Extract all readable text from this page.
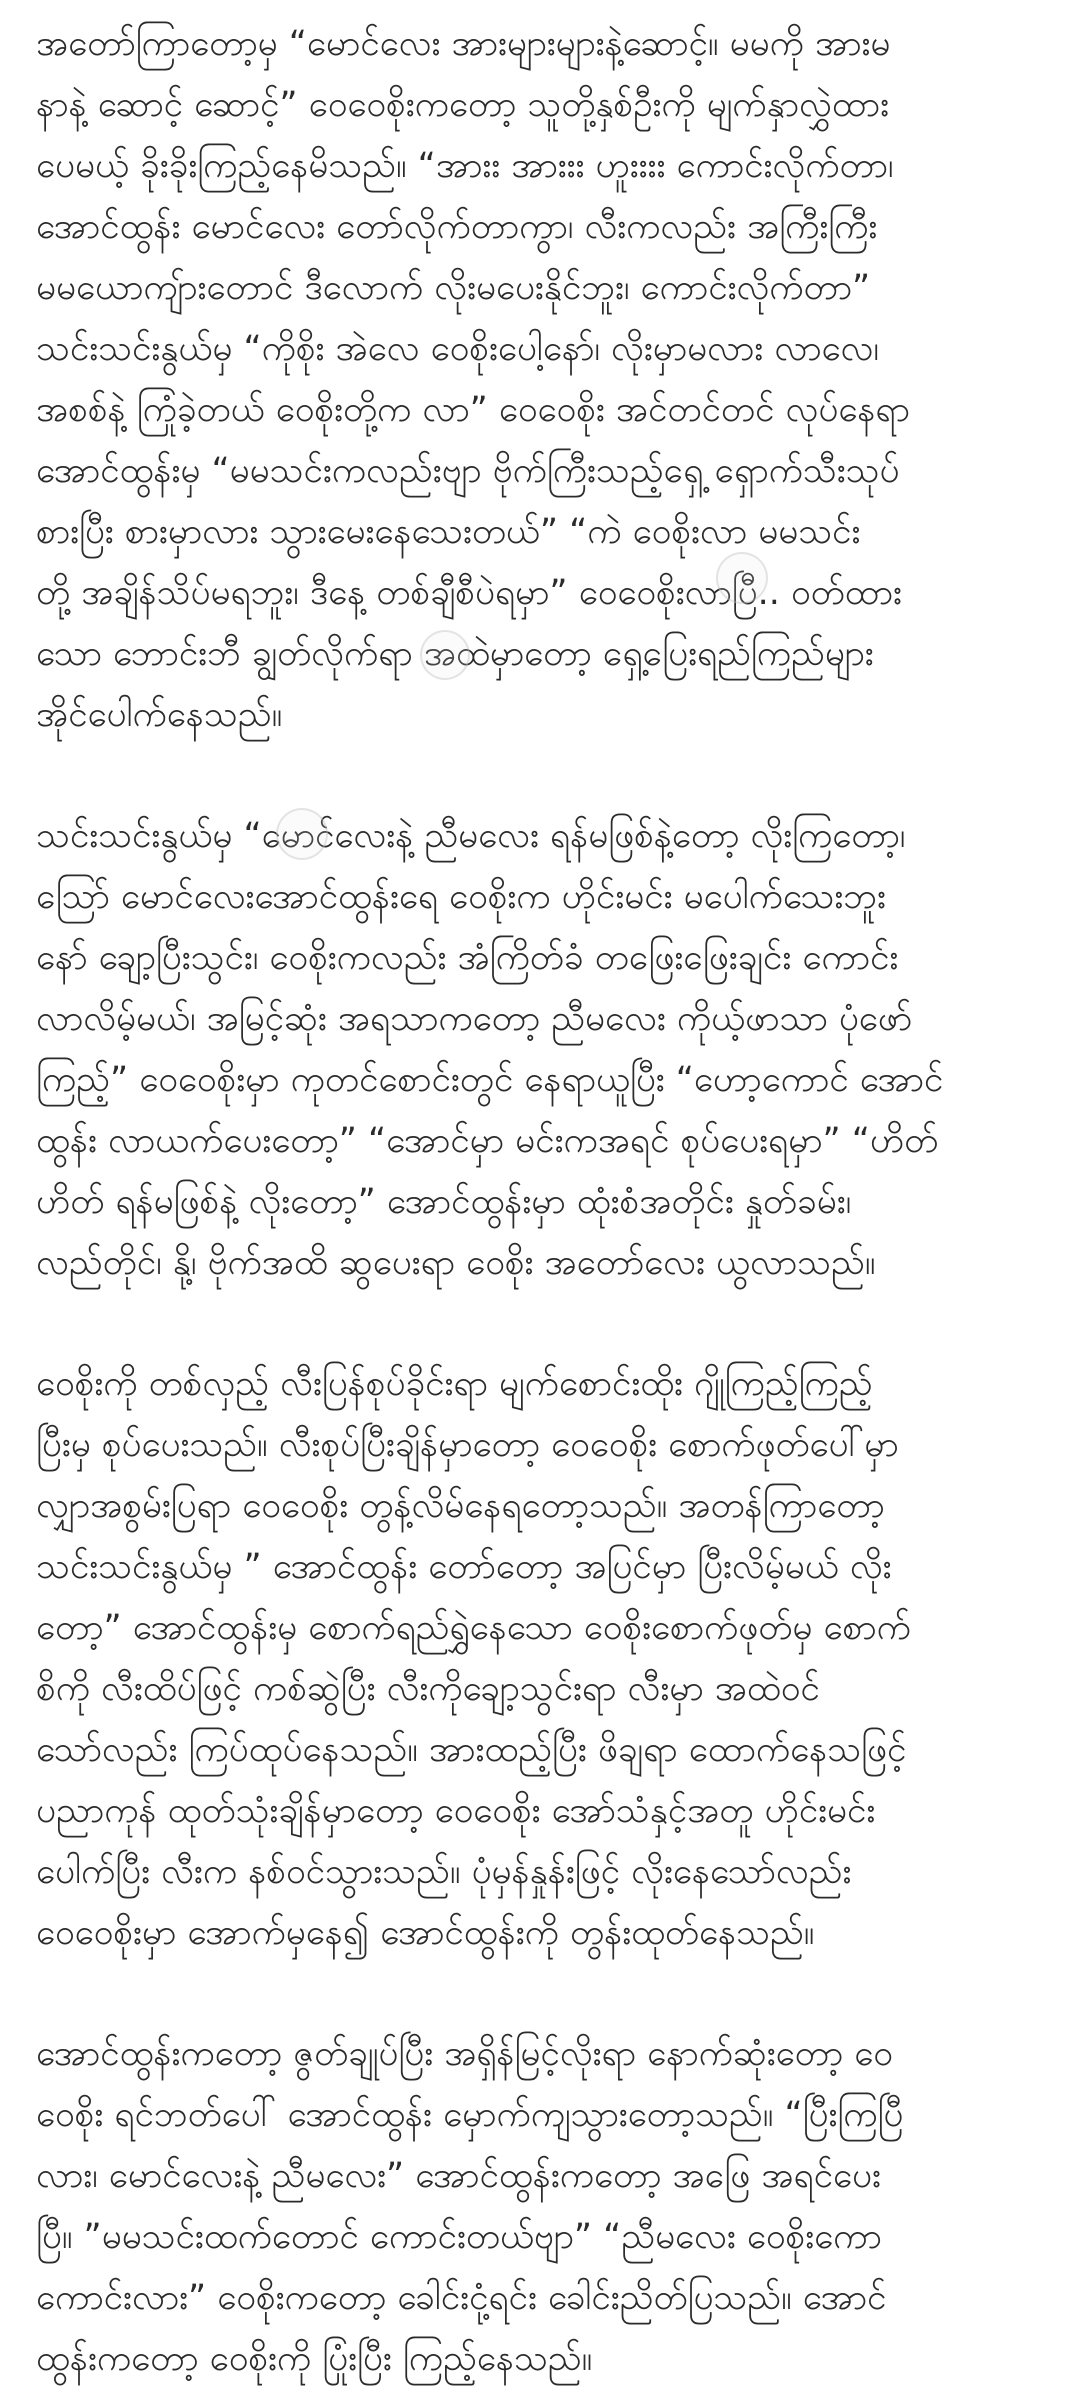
အတော်ကြာတော့မှ “မောင်လေး အားများများနဲ့ဆောင့်။ မမကို အားမ
နာနဲ့ ဆောင့် ဆောင့်” ဝေဝေစိုးကတော့ သူတို့နှစ်ဦးကို မျက်နှာလွှဲထား
ပေမယ့် ခိုးခိုးကြည့်နေမိသည်။ “အားး အားးး ဟူးးးး ကောင်းလိုက်တာ၊
အောင်ထွန်း မောင်လေး တော်လိုက်တာကွာ၊ လီးကလည်း အကြီးကြီး
မမယောကျ်ားတောင် ဒီလောက် လိုးမပေးနိုင်ဘူး၊ ကောင်းလိုက်တာ”
သင်းသင်းနွယ်မှ “ကိုစိုး အဲလေ ဝေစိုးပေါ့နော်၊ လိုးမှာမလား လာလေ၊
အစစ်နဲ့ ကြုံခဲ့တယ် ဝေစိုးတို့က လာ” ဝေဝေစိုး အင်တင်တင် လုပ်နေရာ
အောင်ထွန်းမှ “မမသင်းကလည်းဗျာ ဗိုက်ကြီးသည့်ရှေ့ ရှောက်သီးသုပ်
စားပြီး စားမှာလား သွားမေးနေသေးတယ်” “ကဲ ဝေစိုးလာ မမသင်း
တို့ အချိန်သိပ်မရဘူး၊ ဒီနေ့ တစ်ချီစီပဲရမှာ” ဝေဝေစိုးလာပြီ.. ဝတ်ထား
သော ဘောင်းဘီ ချွတ်လိုက်ရာ အထဲမှာတော့ ရှေ့ပြေးရည်ကြည်များ
အိုင်ပေါက်နေသည်။

သင်းသင်းနွယ်မှ “မောင်လေးနဲ့ ညီမလေး ရန်မဖြစ်နဲ့တော့ လိုးကြတော့၊
ဩော် မောင်လေးအောင်ထွန်းရေ ဝေစိုးက ဟိုင်းမင်း မပေါက်သေးဘူး
နော် ချော့ပြီးသွင်း၊ ဝေစိုးကလည်း အံကြိတ်ခံ တဖြေးဖြေးချင်း ကောင်း
လာလိမ့်မယ်၊ အမြင့်ဆုံး အရသာကတော့ ညီမလေး ကိုယ့်ဖာသာ ပုံဖော်
ကြည့်” ဝေဝေစိုးမှာ ကုတင်စောင်းတွင် နေရာယူပြီး “ဟော့ကောင် အောင်
ထွန်း လာယက်ပေးတော့” “အောင်မှာ မင်းကအရင် စုပ်ပေးရမှာ” “ဟိတ်
ဟိတ် ရန်မဖြစ်နဲ့ လိုးတော့” အောင်ထွန်းမှာ ထုံးစံအတိုင်း နှုတ်ခမ်း၊
လည်တိုင်၊ နို့၊ ဗိုက်အထိ ဆွပေးရာ ဝေစိုး အတော်လေး ယွလာသည်။

ဝေစိုးကို တစ်လှည့် လီးပြန်စုပ်ခိုင်းရာ မျက်စောင်းထိုး ဂျိုကြည့်ကြည့်
ပြီးမှ စုပ်ပေးသည်။ လီးစုပ်ပြီးချိန်မှာတော့ ဝေဝေစိုး စောက်ဖုတ်ပေါ်မှာ
လျှာအစွမ်းပြရာ ဝေဝေစိုး တွန့်လိမ်နေရတော့သည်။ အတန်ကြာတော့
သင်းသင်းနွယ်မှ ” အောင်ထွန်း တော်တော့ အပြင်မှာ ပြီးလိမ့်မယ် လိုး
တော့” အောင်ထွန်းမှ စောက်ရည်ရွှဲနေသော ဝေစိုးစောက်ဖုတ်မှ စောက်
စိကို လီးထိပ်ဖြင့် ကစ်ဆွဲပြီး လီးကိုချော့သွင်းရာ လီးမှာ အထဲဝင်
သော်လည်း ကြပ်ထုပ်နေသည်။ အားထည့်ပြီး ဖိချရာ ထောက်နေသဖြင့်
ပညာကုန် ထုတ်သုံးချိန်မှာတော့ ဝေဝေစိုး အော်သံနှင့်အတူ ဟိုင်းမင်း
ပေါက်ပြီး လီးက နစ်ဝင်သွားသည်။ ပုံမှန်နှုန်းဖြင့် လိုးနေသော်လည်း
ဝေဝေစိုးမှာ အောက်မှနေ၍ အောင်ထွန်းကို တွန်းထုတ်နေသည်။

အောင်ထွန်းကတော့ ဇွတ်ချုပ်ပြီး အရှိန်မြင့်လိုးရာ နောက်ဆုံးတော့ ဝေ
ဝေစိုး ရင်ဘတ်ပေါ် အောင်ထွန်း မှောက်ကျသွားတော့သည်။ “ပြီးကြပြီ
လား၊ မောင်လေးနဲ့ ညီမလေး” အောင်ထွန်းကတော့ အဖြေ အရင်ပေး
ပြီ။ ”မမသင်းထက်တောင် ကောင်းတယ်ဗျာ” “ညီမလေး ဝေစိုးကော
ကောင်းလား” ဝေစိုးကတော့ ခေါင်းငုံ့ရင်း ခေါင်းညိတ်ပြသည်။ အောင်
ထွန်းကတော့ ဝေစိုးကို ပြုံးပြီး ကြည့်နေသည်။
